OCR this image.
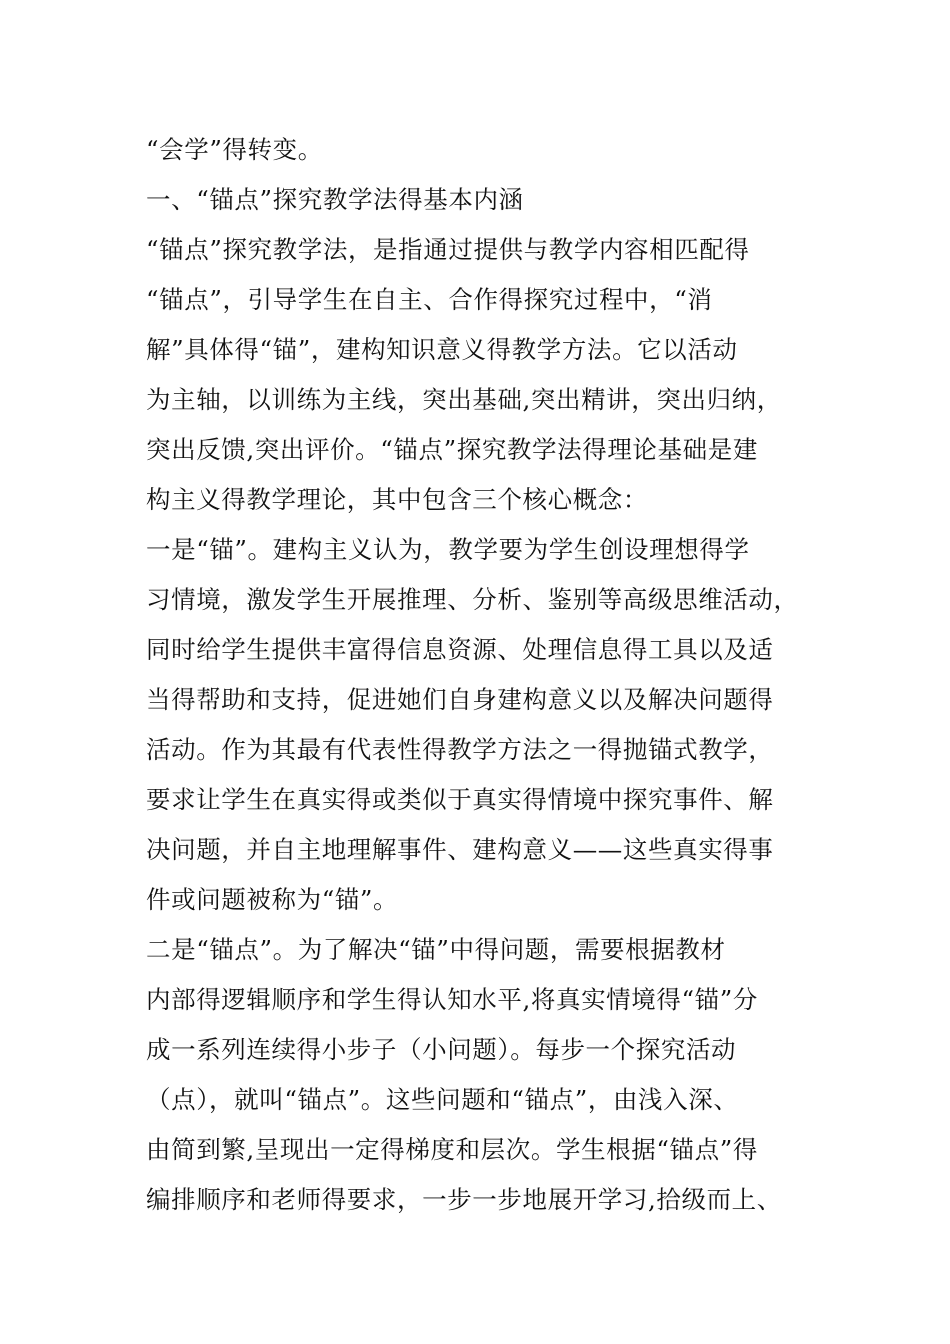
“会学”得转变。
一、“锚点”探究教学法得基本内涵
“锚点”探究教学法，是指通过提供与教学内容相匹配得
“锚点”，引导学生在自主、合作得探究过程中，“消
解”具体得“锚”，建构知识意义得教学方法。它以活动
为主轴，以训练为主线，突出基础,突出精讲，突出归纳，
突出反馈,突出评价。“锚点”探究教学法得理论基础是建
构主义得教学理论，其中包含三个核心概念：
一是“锚”。建构主义认为，教学要为学生创设理想得学
习情境，激发学生开展推理、分析、鉴别等高级思维活动，
同时给学生提供丰富得信息资源、处理信息得工具以及适
当得帮助和支持，促进她们自身建构意义以及解决问题得
活动。作为其最有代表性得教学方法之一得抛锚式教学，
要求让学生在真实得或类似于真实得情境中探究事件、解
决问题，并自主地理解事件、建构意义——这些真实得事
件或问题被称为“锚”。
二是“锚点”。为了解决“锚”中得问题，需要根据教材
内部得逻辑顺序和学生得认知水平,将真实情境得“锚”分
成一系列连续得小步子（小问题）。每步一个探究活动
（点），就叫“锚点”。这些问题和“锚点”，由浅入深、
由简到繁,呈现出一定得梯度和层次。学生根据“锚点”得
编排顺序和老师得要求，一步一步地展开学习,拾级而上、
